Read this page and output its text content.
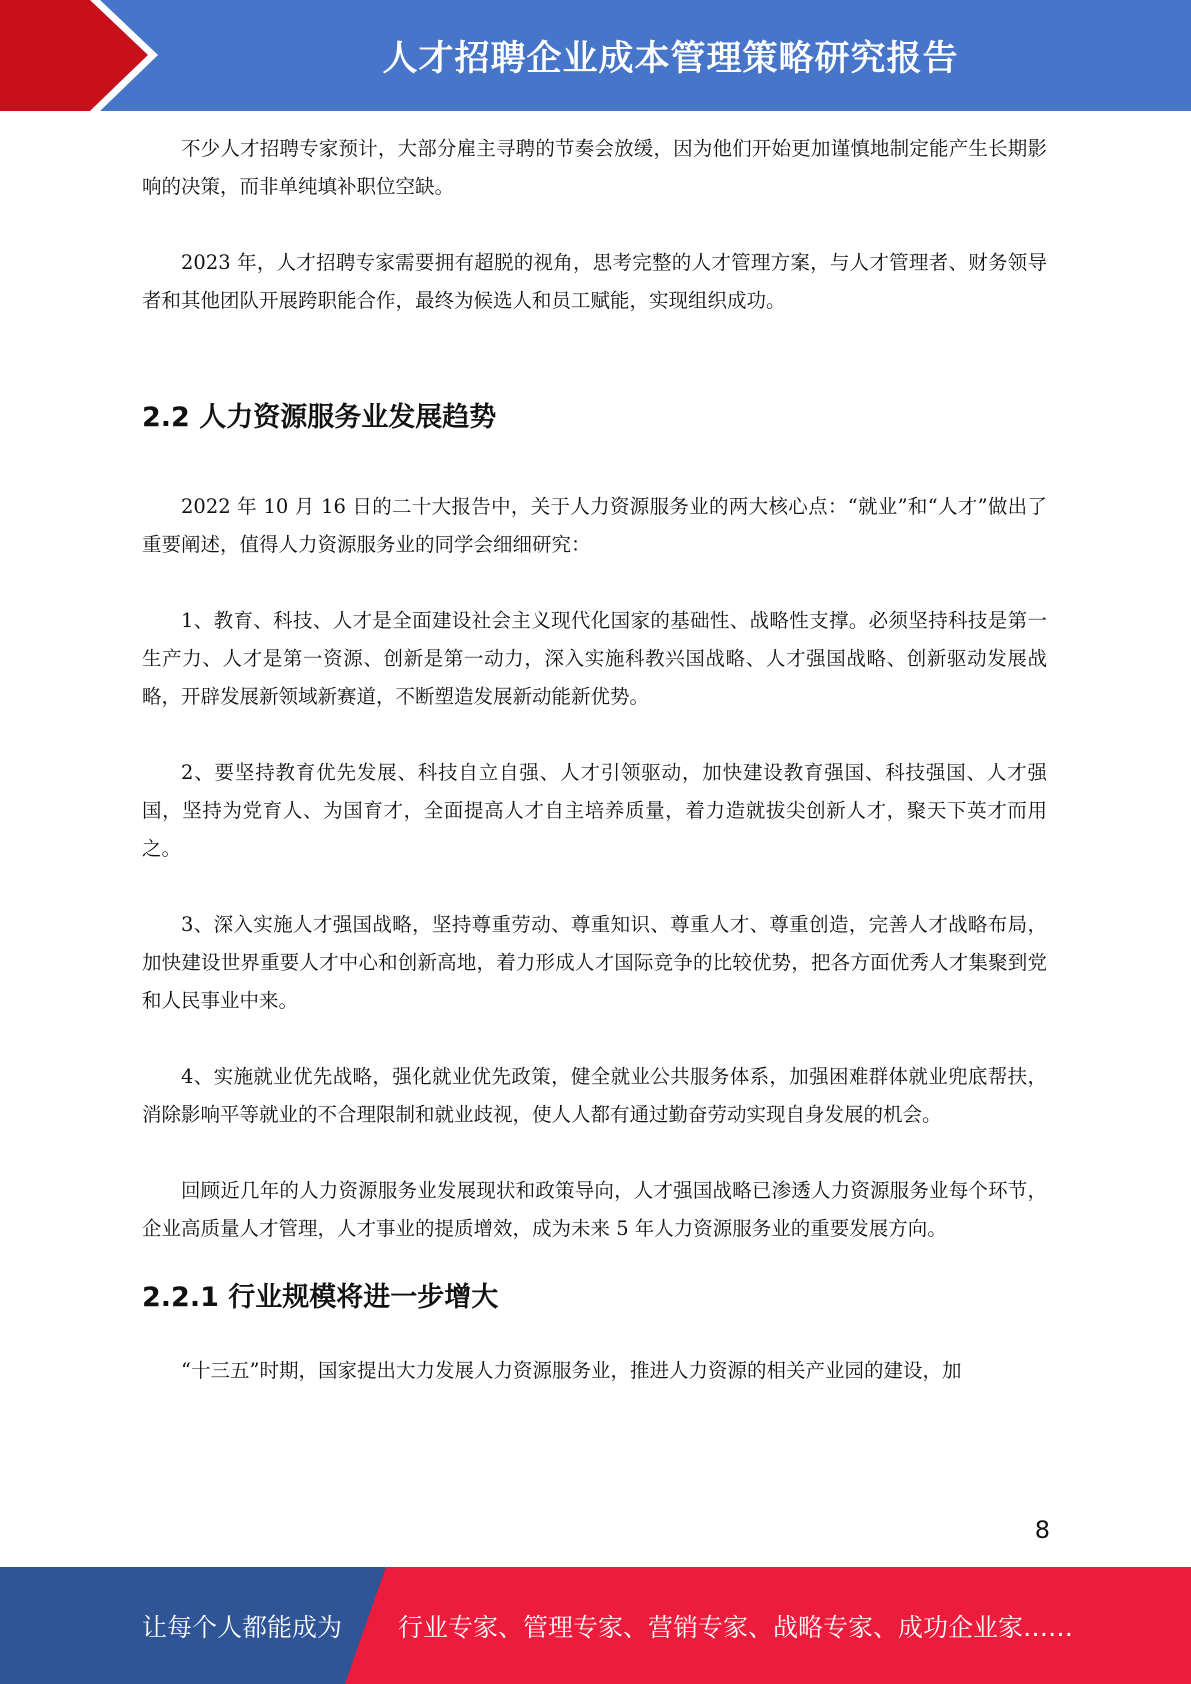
人才招聘企业成本管理策略研究报告

不少人才招聘专家预计，大部分雇主寻聘的节奏会放缓，因为他们开始更加谨慎地制定能产生长期影响的决策，而非单纯填补职位空缺。

2023 年，人才招聘专家需要拥有超脱的视角，思考完整的人才管理方案，与人才管理者、财务领导者和其他团队开展跨职能合作，最终为候选人和员工赋能，实现组织成功。

2.2 人力资源服务业发展趋势

2022 年 10 月 16 日的二十大报告中，关于人力资源服务业的两大核心点：“就业”和“人才”做出了重要阐述，值得人力资源服务业的同学会细细研究：

1、教育、科技、人才是全面建设社会主义现代化国家的基础性、战略性支撑。必须坚持科技是第一生产力、人才是第一资源、创新是第一动力，深入实施科教兴国战略、人才强国战略、创新驱动发展战略，开辟发展新领域新赛道，不断塑造发展新动能新优势。

2、要坚持教育优先发展、科技自立自强、人才引领驱动，加快建设教育强国、科技强国、人才强国，坚持为党育人、为国育才，全面提高人才自主培养质量，着力造就拔尖创新人才，聚天下英才而用之。

3、深入实施人才强国战略，坚持尊重劳动、尊重知识、尊重人才、尊重创造，完善人才战略布局，加快建设世界重要人才中心和创新高地，着力形成人才国际竞争的比较优势，把各方面优秀人才集聚到党和人民事业中来。

4、实施就业优先战略，强化就业优先政策，健全就业公共服务体系，加强困难群体就业兜底帮扶，消除影响平等就业的不合理限制和就业歧视，使人人都有通过勤奋劳动实现自身发展的机会。

回顾近几年的人力资源服务业发展现状和政策导向，人才强国战略已渗透人力资源服务业每个环节，企业高质量人才管理，人才事业的提质增效，成为未来 5 年人力资源服务业的重要发展方向。

2.2.1 行业规模将进一步增大

“十三五”时期，国家提出大力发展人力资源服务业，推进人力资源的相关产业园的建设，加

8
让每个人都能成为 行业专家、管理专家、营销专家、战略专家、成功企业家……
